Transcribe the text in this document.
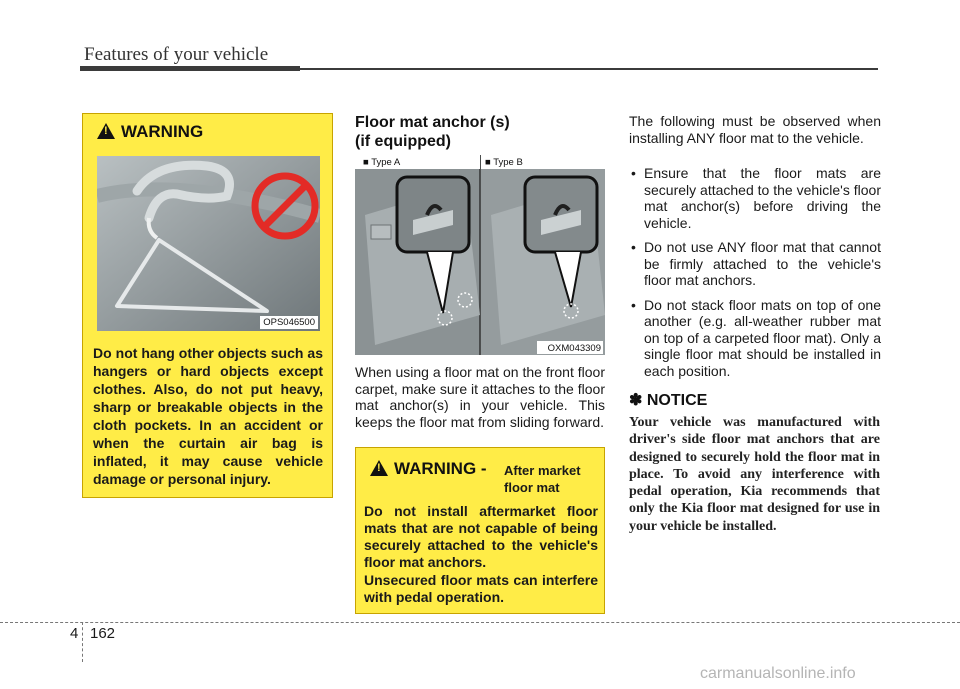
Features of your vehicle
!
WARNING
OPS046500
Do not hang other objects such as hangers or hard objects except clothes. Also, do not put heavy, sharp or breakable objects in the cloth pockets. In an accident or when the curtain air bag is inflated, it may cause vehicle damage or personal injury.
Floor mat anchor (s)
(if equipped)
■ Type A	■ Type B
OXM043309
When using a floor mat on the front floor carpet, make sure it attaches to the floor mat anchor(s) in your vehicle. This keeps the floor mat from sliding forward.
!
WARNING - After market
floor mat
Do not install aftermarket floor mats that are not capable of being securely attached to the vehicle's floor mat anchors.
Unsecured floor mats can interfere with pedal operation.
The following must be observed when installing ANY floor mat to the vehicle.
• Ensure that the floor mats are securely attached to the vehicle's floor mat anchor(s) before driving the vehicle.
• Do not use ANY floor mat that cannot be firmly attached to the vehicle's floor mat anchors.
• Do not stack floor mats on top of one another (e.g. all-weather rubber mat on top of a carpeted floor mat). Only a single floor mat should be installed in each position.
✽ NOTICE
Your vehicle was manufactured with driver's side floor mat anchors that are designed to securely hold the floor mat in place. To avoid any interference with pedal operation, Kia recommends that only the Kia floor mat designed for use in your vehicle be installed.
4 162
carmanualsonline.info
